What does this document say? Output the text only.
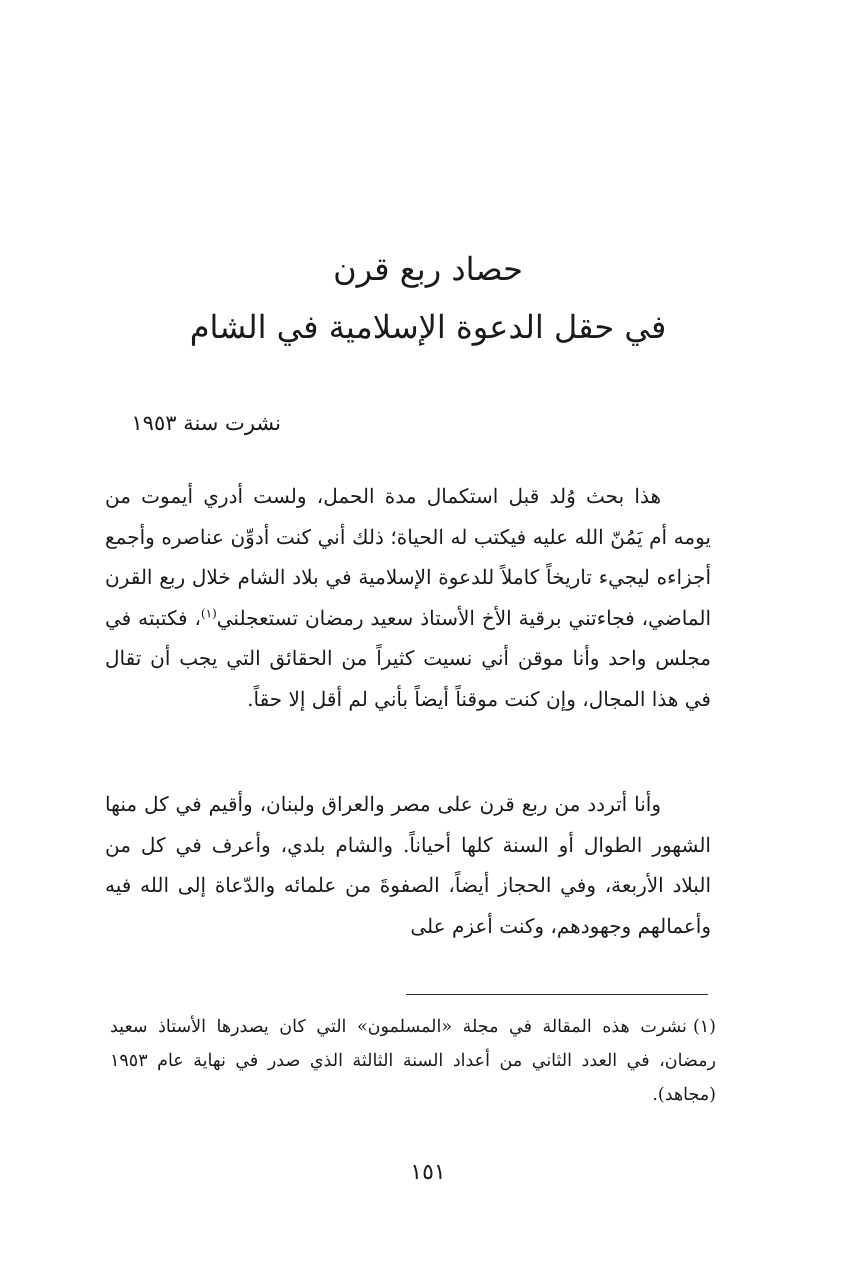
حصاد ربع قرن
في حقل الدعوة الإسلامية في الشام
نشرت سنة ١٩٥٣

هذا بحث وُلد قبل استكمال مدة الحمل، ولست أدري أيموت من يومه أم يَمُنّ الله عليه فيكتب له الحياة؛ ذلك أني كنت أدوِّن عناصره وأجمع أجزاءه ليجيء تاريخاً كاملاً للدعوة الإسلامية في بلاد الشام خلال ربع القرن الماضي، فجاءتني برقية الأخ الأستاذ سعيد رمضان تستعجلني$^{(١)}$، فكتبته في مجلس واحد وأنا موقن أني نسيت كثيراً من الحقائق التي يجب أن تقال في هذا المجال، وإن كنت موقناً أيضاً بأني لم أقل إلا حقاً.

وأنا أتردد من ربع قرن على مصر والعراق ولبنان، وأقيم في كل منها الشهور الطوال أو السنة كلها أحياناً. والشام بلدي، وأعرف في كل من البلاد الأربعة، وفي الحجاز أيضاً، الصفوةَ من علمائه والدّعاة إلى الله فيه وأعمالهم وجهودهم، وكنت أعزم على

(١)نشرت هذه المقالة في مجلة «المسلمون» التي كان يصدرها الأستاذ سعيد رمضان، في العدد الثاني من أعداد السنة الثالثة الذي صدر في نهاية عام ١٩٥٣ (مجاهد).

١٥١
